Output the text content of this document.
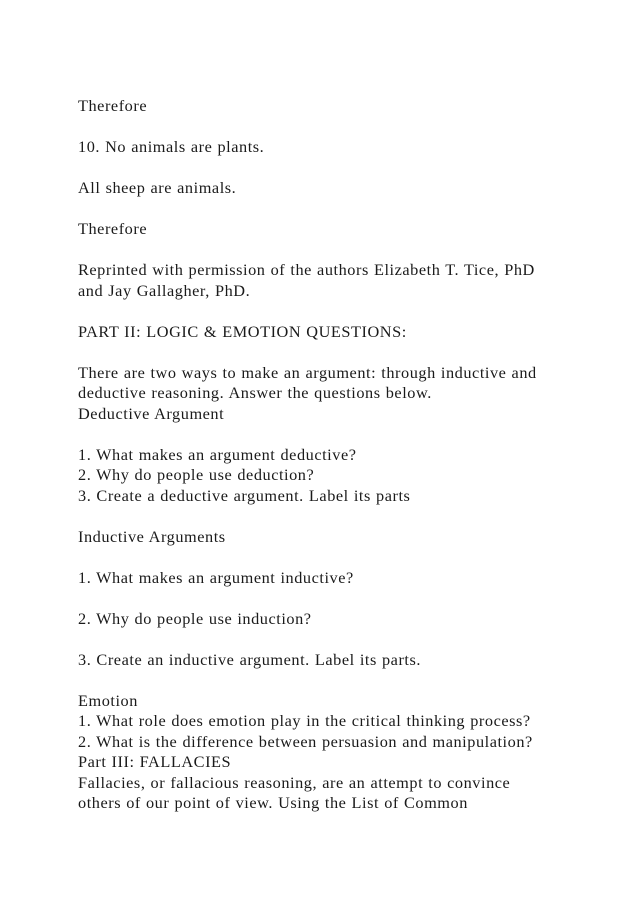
Therefore
10. No animals are plants.
All sheep are animals.
Therefore
Reprinted with permission of the authors Elizabeth T. Tice, PhD
and Jay Gallagher, PhD.
PART II: LOGIC & EMOTION QUESTIONS:
There are two ways to make an argument: through inductive and
deductive reasoning. Answer the questions below.
Deductive Argument
1. What makes an argument deductive?
2. Why do people use deduction?
3. Create a deductive argument. Label its parts
Inductive Arguments
1. What makes an argument inductive?
2. Why do people use induction?
3. Create an inductive argument. Label its parts.
Emotion
1. What role does emotion play in the critical thinking process?
2. What is the difference between persuasion and manipulation?
Part III: FALLACIES
Fallacies, or fallacious reasoning, are an attempt to convince
others of our point of view. Using the List of Common
